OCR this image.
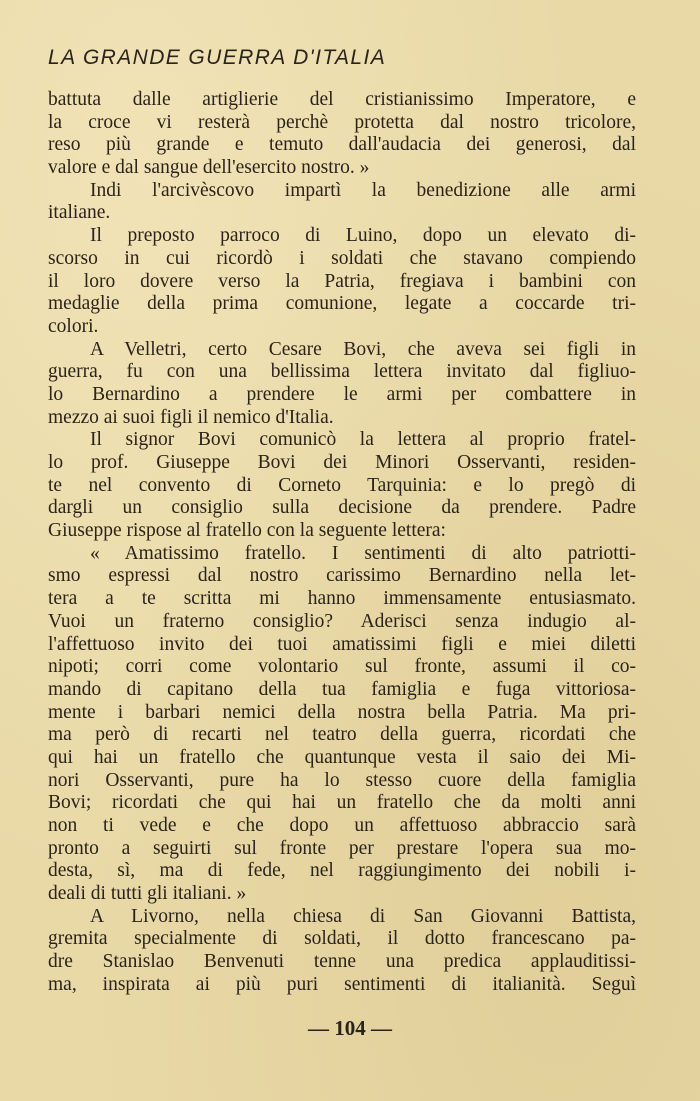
LA GRANDE GUERRA D'ITALIA
battuta dalle artiglierie del cristianissimo Imperatore, e
la croce vi resterà perchè protetta dal nostro tricolore,
reso più grande e temuto dall'audacia dei generosi, dal
valore e dal sangue dell'esercito nostro. »
Indi l'arcivèscovo impartì la benedizione alle armi
italiane.
Il preposto parroco di Luino, dopo un elevato di-
scorso in cui ricordò i soldati che stavano compiendo
il loro dovere verso la Patria, fregiava i bambini con
medaglie della prima comunione, legate a coccarde tri-
colori.
A Velletri, certo Cesare Bovi, che aveva sei figli in
guerra, fu con una bellissima lettera invitato dal figliuo-
lo Bernardino a prendere le armi per combattere in
mezzo ai suoi figli il nemico d'Italia.
Il signor Bovi comunicò la lettera al proprio fratel-
lo prof. Giuseppe Bovi dei Minori Osservanti, residen-
te nel convento di Corneto Tarquinia: e lo pregò di
dargli un consiglio sulla decisione da prendere. Padre
Giuseppe rispose al fratello con la seguente lettera:
« Amatissimo fratello. I sentimenti di alto patriotti-
smo espressi dal nostro carissimo Bernardino nella let-
tera a te scritta mi hanno immensamente entusiasmato.
Vuoi un fraterno consiglio? Aderisci senza indugio al-
l'affettuoso invito dei tuoi amatissimi figli e miei diletti
nipoti; corri come volontario sul fronte, assumi il co-
mando di capitano della tua famiglia e fuga vittoriosa-
mente i barbari nemici della nostra bella Patria. Ma pri-
ma però di recarti nel teatro della guerra, ricordati che
qui hai un fratello che quantunque vesta il saio dei Mi-
nori Osservanti, pure ha lo stesso cuore della famiglia
Bovi; ricordati che qui hai un fratello che da molti anni
non ti vede e che dopo un affettuoso abbraccio sarà
pronto a seguirti sul fronte per prestare l'opera sua mo-
desta, sì, ma di fede, nel raggiungimento dei nobili i-
deali di tutti gli italiani. »
A Livorno, nella chiesa di San Giovanni Battista,
gremita specialmente di soldati, il dotto francescano pa-
dre Stanislao Benvenuti tenne una predica applauditissi-
ma, inspirata ai più puri sentimenti di italianità. Seguì
— 104 —
